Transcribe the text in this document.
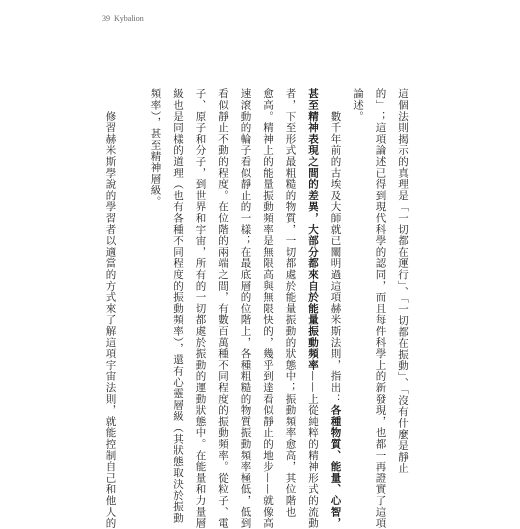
39 Kybalion
這個法則揭示的真理是「一切都在運行」、「一切都在振動」、「沒有什麼是靜止
的」；這項論述已得到現代科學的認同，而且每件科學上的新發現，也都一再證實了這項
論述。
　　數千年前的古埃及大師就已闡明過這項赫米斯法則，指出：各種物質、能量、心智，
甚至精神表現之間的差異，大部分都來自於能量振動頻率——上從純粹的精神形式的流動
者，下至形式最粗糙的物質，一切都處於能量振動的狀態中；振動頻率愈高，其位階也
愈高。精神上的能量振動頻率是無限高與無限快的，幾乎到達看似靜止的地步——就像高
速滾動的輪子看似靜止的一樣；在最底層的位階上，各種粗糙的物質振動頻率極低，低到
看似靜止不動的程度。在位階的兩端之間，有數百萬種不同程度的振動頻率。從粒子、電
子、原子和分子，到世界和宇宙，所有的一切都處於振動的運動狀態中。在能量和力量層
級也是同樣的道理（也有各種不同程度的振動頻率），還有心靈層級（其狀態取決於振動
頻率），甚至精神層級。
　　修習赫米斯學說的學習者以適當的方式來了解這項宇宙法則，就能控制自己和他人的
